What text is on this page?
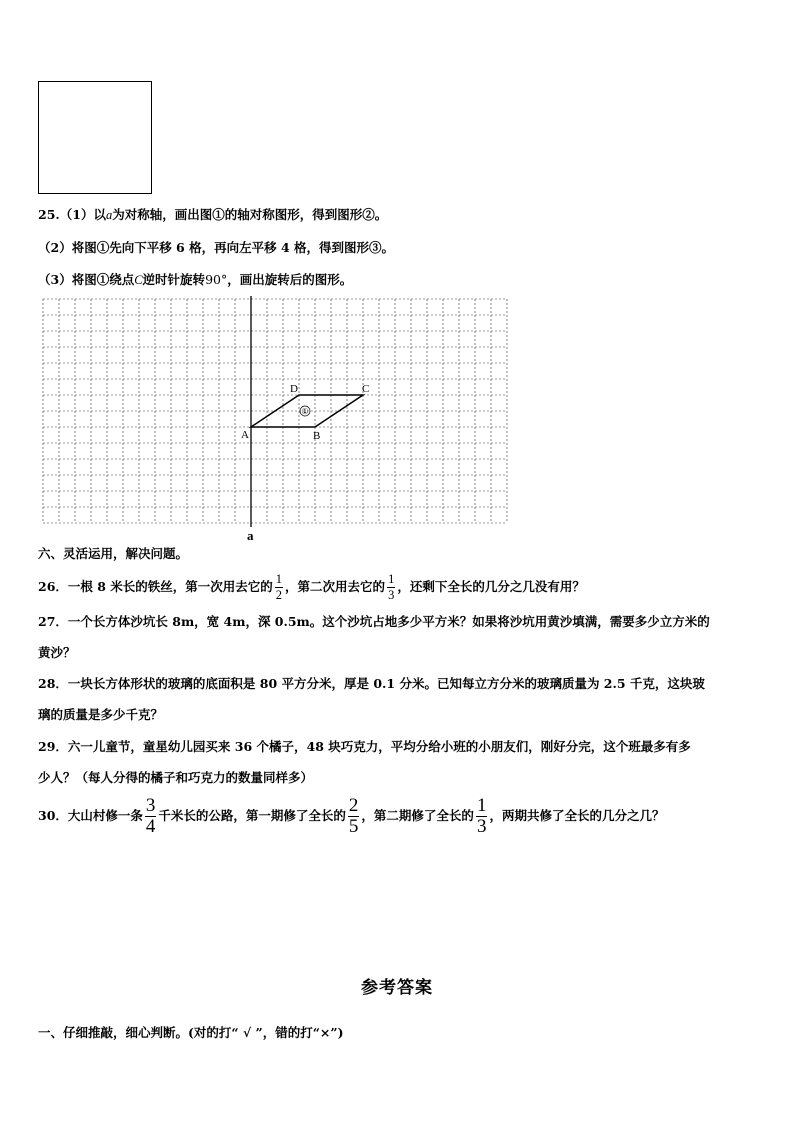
25.（1）以a为对称轴，画出图①的轴对称图形，得到图形②。
（2）将图①先向下平移 6 格，再向左平移 4 格，得到图形③。
（3）将图①绕点C逆时针旋转90°，画出旋转后的图形。
①
A	B
C
D
a
六、灵活运用，解决问题。
26．一根 8 米长的铁丝，第一次用去它的 $\frac{1}{2}$ ，第二次用去它的 $\frac{1}{3}$ ，还剩下全长的几分之几没有用？
27．一个长方体沙坑长 8m，宽 4m，深 0.5m。这个沙坑占地多少平方米？如果将沙坑用黄沙填满，需要多少立方米的
黄沙？
28．一块长方体形状的玻璃的底面积是 80 平方分米，厚是 0.1 分米。已知每立方分米的玻璃质量为 2.5 千克，这块玻
璃的质量是多少千克？
29．六一儿童节，童星幼儿园买来 36 个橘子，48 块巧克力，平均分给小班的小朋友们，刚好分完，这个班最多有多
少人？（每人分得的橘子和巧克力的数量同样多）
30．大山村修一条 $\frac{3}{4}$ 千米长的公路，第一期修了全长的 $\frac{2}{5}$ ，第二期修了全长的 $\frac{1}{3}$ ，两期共修了全长的几分之几？
参考答案
一、仔细推敲，细心判断。(对的打“ √ ”，错的打“×”)
